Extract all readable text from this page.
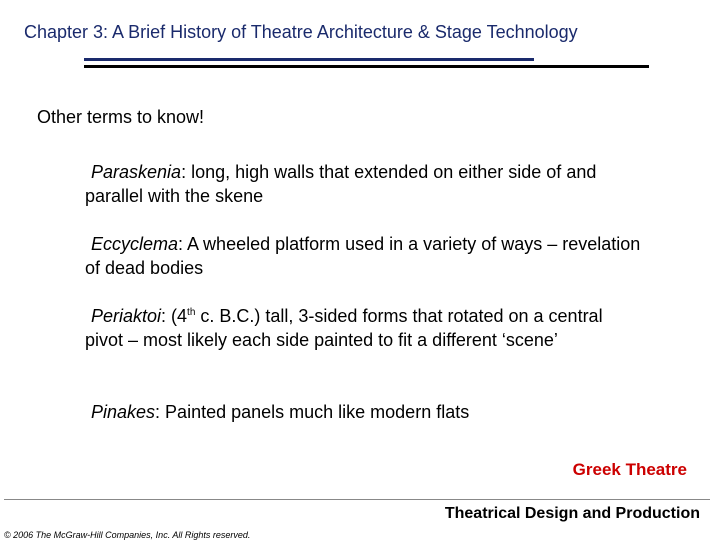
Chapter 3: A Brief History of Theatre Architecture & Stage Technology
Other terms to know!
Paraskenia: long, high walls that extended on either side of and parallel with the skene
Eccyclema: A wheeled platform used in a variety of ways – revelation of dead bodies
Periaktoi: (4th c. B.C.) tall, 3-sided forms that rotated on a central pivot – most likely each side painted to fit a different ‘scene’
Pinakes: Painted panels much like modern flats
Greek Theatre
Theatrical Design and Production
© 2006 The McGraw-Hill Companies, Inc. All Rights reserved.
